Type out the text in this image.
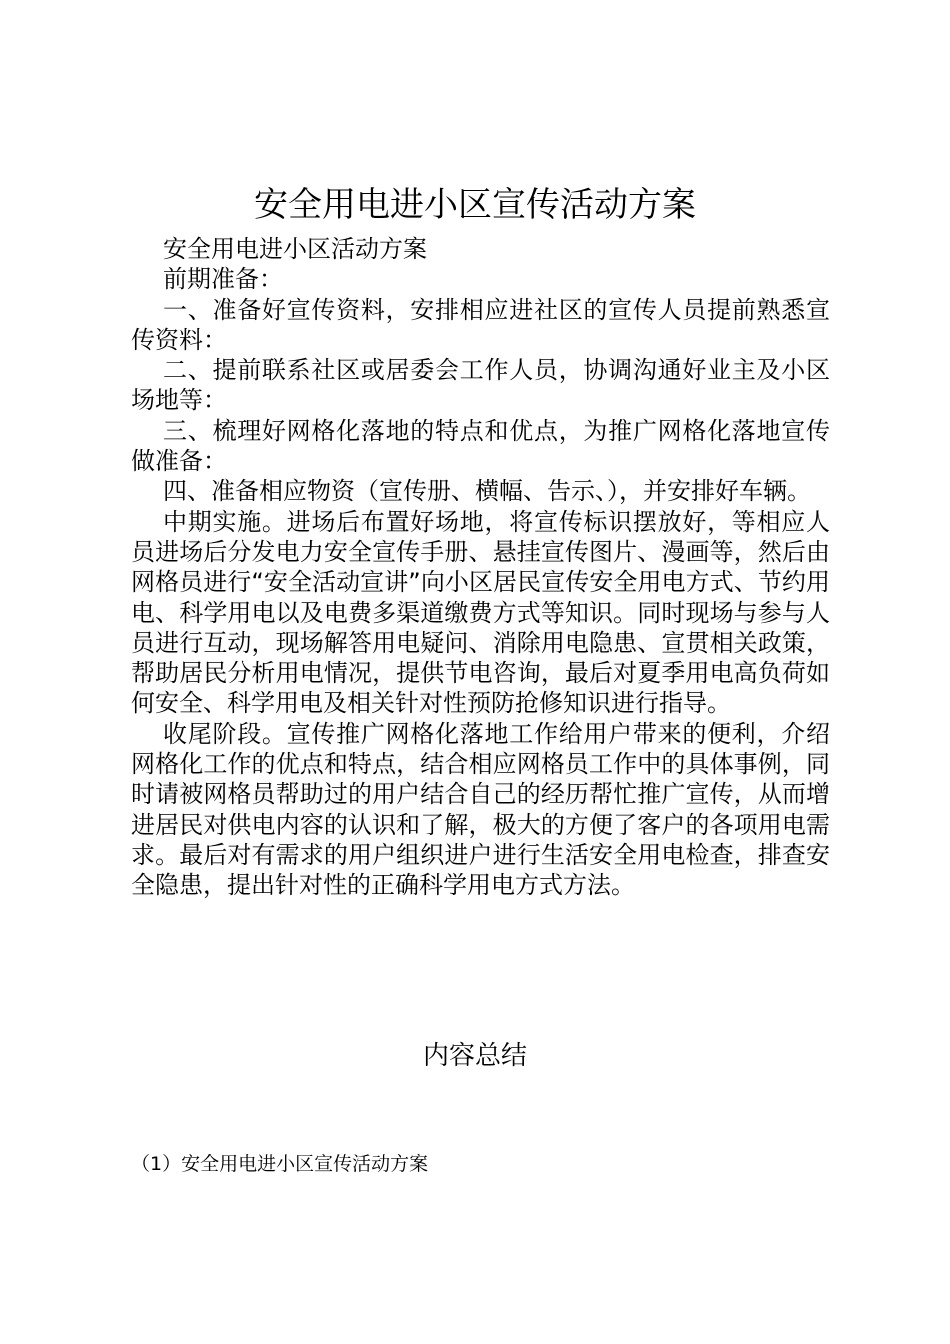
安全用电进小区宣传活动方案

安全用电进小区活动方案

前期准备：

一、准备好宣传资料，安排相应进社区的宣传人员提前熟悉宣传资料：

二、提前联系社区或居委会工作人员，协调沟通好业主及小区场地等：

三、梳理好网格化落地的特点和优点，为推广网格化落地宣传做准备：

四、准备相应物资（宣传册、横幅、告示、），并安排好车辆。

中期实施。进场后布置好场地，将宣传标识摆放好，等相应人员进场后分发电力安全宣传手册、悬挂宣传图片、漫画等，然后由网格员进行“安全活动宣讲”向小区居民宣传安全用电方式、节约用电、科学用电以及电费多渠道缴费方式等知识。同时现场与参与人员进行互动，现场解答用电疑问、消除用电隐患、宣贯相关政策，帮助居民分析用电情况，提供节电咨询，最后对夏季用电高负荷如何安全、科学用电及相关针对性预防抢修知识进行指导。

收尾阶段。宣传推广网格化落地工作给用户带来的便利，介绍网格化工作的优点和特点，结合相应网格员工作中的具体事例，同时请被网格员帮助过的用户结合自己的经历帮忙推广宣传，从而增进居民对供电内容的认识和了解，极大的方便了客户的各项用电需求。最后对有需求的用户组织进户进行生活安全用电检查，排查安全隐患，提出针对性的正确科学用电方式方法。

内容总结

（1）安全用电进小区宣传活动方案
